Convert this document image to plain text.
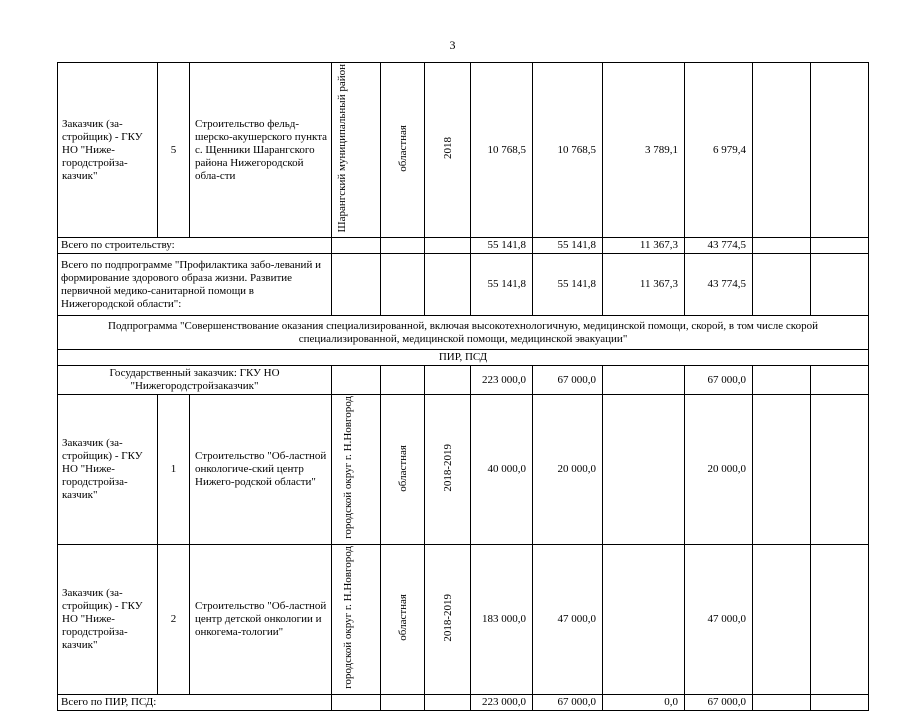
3
Заказчик (за-стройщик) - ГКУ НО "Ниже-городстройза-казчик"	5	Строительство фельд-шерско-акушерского пункта с. Щенники Шарангского района Нижегородской обла-сти	Шарангский муниципальный район	областная	2018	10 768,5	10 768,5	3 789,1	6 979,4		
Всего по строительству:						55 141,8	55 141,8	11 367,3	43 774,5		
Всего по подпрограмме "Профилактика забо-леваний и формирование здорового образа жизни. Развитие первичной медико-санитарной помощи в Нижегородской области":						55 141,8	55 141,8	11 367,3	43 774,5		
Подпрограмма "Совершенствование оказания специализированной, включая высокотехнологичную, медицинской помощи, скорой, в том числе скорой специализированной, медицинской помощи, медицинской эвакуации"											
ПИР, ПСД											
Государственный заказчик: ГКУ НО "Нижегородстройзаказчик"						223 000,0	67 000,0		67 000,0		
Заказчик (за-стройщик) - ГКУ НО "Ниже-городстройза-казчик"	1	Строительство "Об-ластной онкологиче-ский центр Нижего-родской области"	городской округ г. Н.Новгород	областная	2018-2019	40 000,0	20 000,0		20 000,0		
Заказчик (за-стройщик) - ГКУ НО "Ниже-городстройза-казчик"	2	Строительство "Об-ластной центр детской онкологии и онкогема-тологии"	городской округ г. Н.Новгород	областная	2018-2019	183 000,0	47 000,0		47 000,0		
Всего по ПИР, ПСД:						223 000,0	67 000,0	0,0	67 000,0		
